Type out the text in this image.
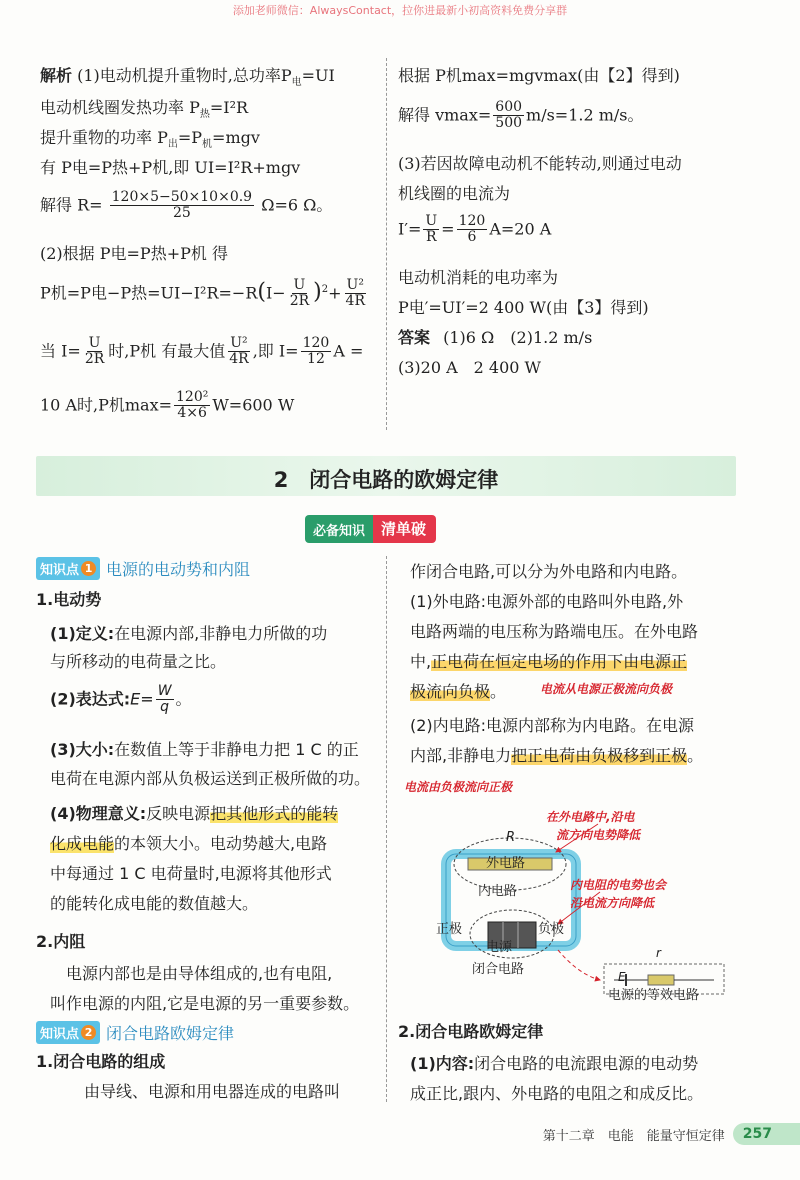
添加老师微信：AlwaysContact，拉你进最新小初高资料免费分享群
解析 (1)电动机提升重物时,总功率$P_电=UI$
电动机线圈发热功率 $P_热=I^2R$
提升重物的功率 $P_出=P_机=mgv$
有 P电=P热+P机,即 UI=I²R+mgv
解得 $R= \frac{120\times 5-50\times 10\times 0.9}{25} \Omega=6$ Ω。
(2)根据 P电=P热+P机 得
P机=P电−P热$=UI-I^2R=-R(I- \frac{U}{2R} )^2+ \frac{\text{U²}}{4R}$
当 $I= \frac{U}{2R}$ 时,P机 有最大值 $\frac{\text{U²}}{4R}$ ,即 $I= \frac{120}{12}$ A =
10 A时,P机$\max= \frac{\text{120²}}{4\times 6} W=600$ W
根据 P机max=mgvmax(由【2】得到)
解得 $vmax= \frac{600}{500} m/s=1.2$ m/s。
(3)若因故障电动机不能转动,则通过电动
机线圈的电流为
$I'= \frac{U}{R} = \frac{120}{6} A=20$ A
电动机消耗的电功率为
P电′=UI′=2 400 W(由【3】得到)
答案 (1)6 Ω　(2)1.2 m/s
(3)20 A　2 400 W
2　闭合电路的欧姆定律
必备知识	清单破
知识点 1 电源的电动势和内阻
1.电动势
(1)定义:在电源内部,非静电力所做的功
与所移动的电荷量之比。
(2)表达式:E= $\frac{W}{q}$ 。
(3)大小:在数值上等于非静电力把 1 C 的正
电荷在电源内部从负极运送到正极所做的功。
(4)物理意义:反映电源把其他形式的能转
化成电能的本领大小。电动势越大,电路
中每通过 1 C 电荷量时,电源将其他形式
的能转化成电能的数值越大。
2.内阻
电源内部也是由导体组成的,也有电阻,
叫作电源的内阻,它是电源的另一重要参数。
知识点 2 闭合电路欧姆定律
1.闭合电路的组成
由导线、电源和用电器连成的电路叫
作闭合电路,可以分为外电路和内电路。
(1)外电路:电源外部的电路叫外电路,外
电路两端的电压称为路端电压。在外电路
中,正电荷在恒定电场的作用下由电源正
极流向负极。	电流从电源正极流向负极
(2)内电路:电源内部称为内电路。在电源
内部,非静电力把正电荷由负极移到正极。
电流由负极流向正极
在外电路中,沿电
流方向电势降低
内电阻的电势也会
沿电流方向降低
R
外电路
内电路
正极	负极
电源
闭合电路
r
E
电源的等效电路
2.闭合电路欧姆定律
(1)内容:闭合电路的电流跟电源的电动势
成正比,跟内、外电路的电阻之和成反比。
第十二章　电能　能量守恒定律	257
